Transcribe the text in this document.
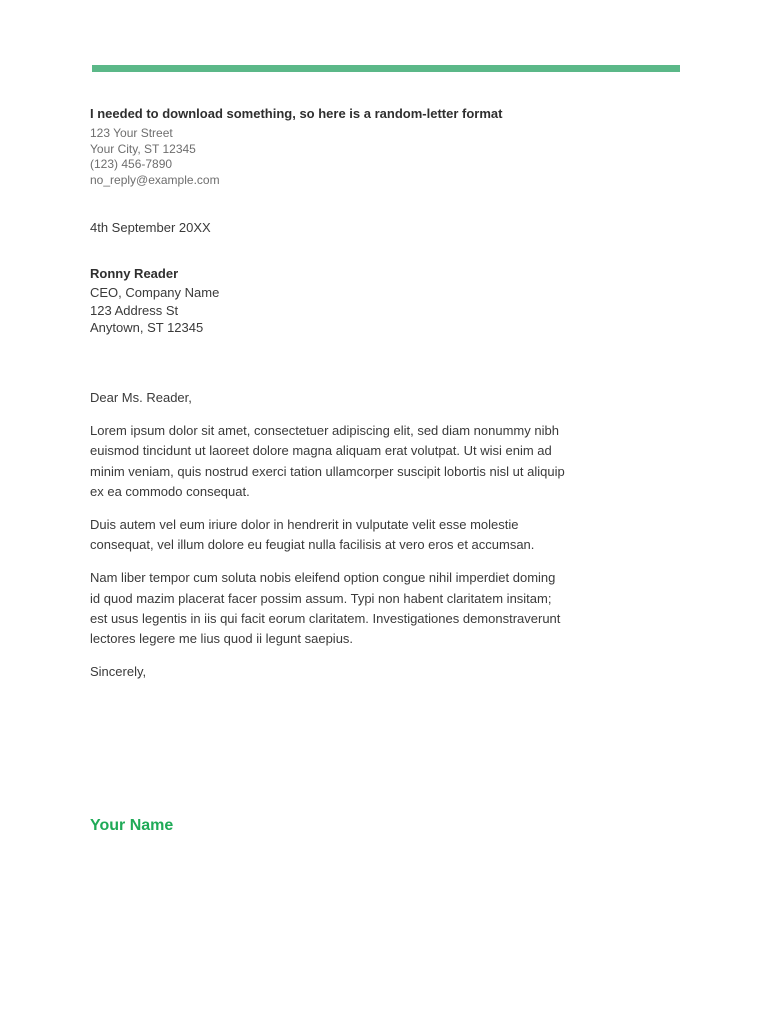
I needed to download something, so here is a random-letter format
123 Your Street
Your City, ST 12345
(123) 456-7890
no_reply@example.com
4th September 20XX
Ronny Reader
CEO, Company Name
123 Address St
Anytown, ST 12345

Dear Ms. Reader,

Lorem ipsum dolor sit amet, consectetuer adipiscing elit, sed diam nonummy nibh euismod tincidunt ut laoreet dolore magna aliquam erat volutpat. Ut wisi enim ad minim veniam, quis nostrud exerci tation ullamcorper suscipit lobortis nisl ut aliquip ex ea commodo consequat.

Duis autem vel eum iriure dolor in hendrerit in vulputate velit esse molestie consequat, vel illum dolore eu feugiat nulla facilisis at vero eros et accumsan.

Nam liber tempor cum soluta nobis eleifend option congue nihil imperdiet doming id quod mazim placerat facer possim assum. Typi non habent claritatem insitam; est usus legentis in iis qui facit eorum claritatem. Investigationes demonstraverunt lectores legere me lius quod ii legunt saepius.

Sincerely,

Your Name
